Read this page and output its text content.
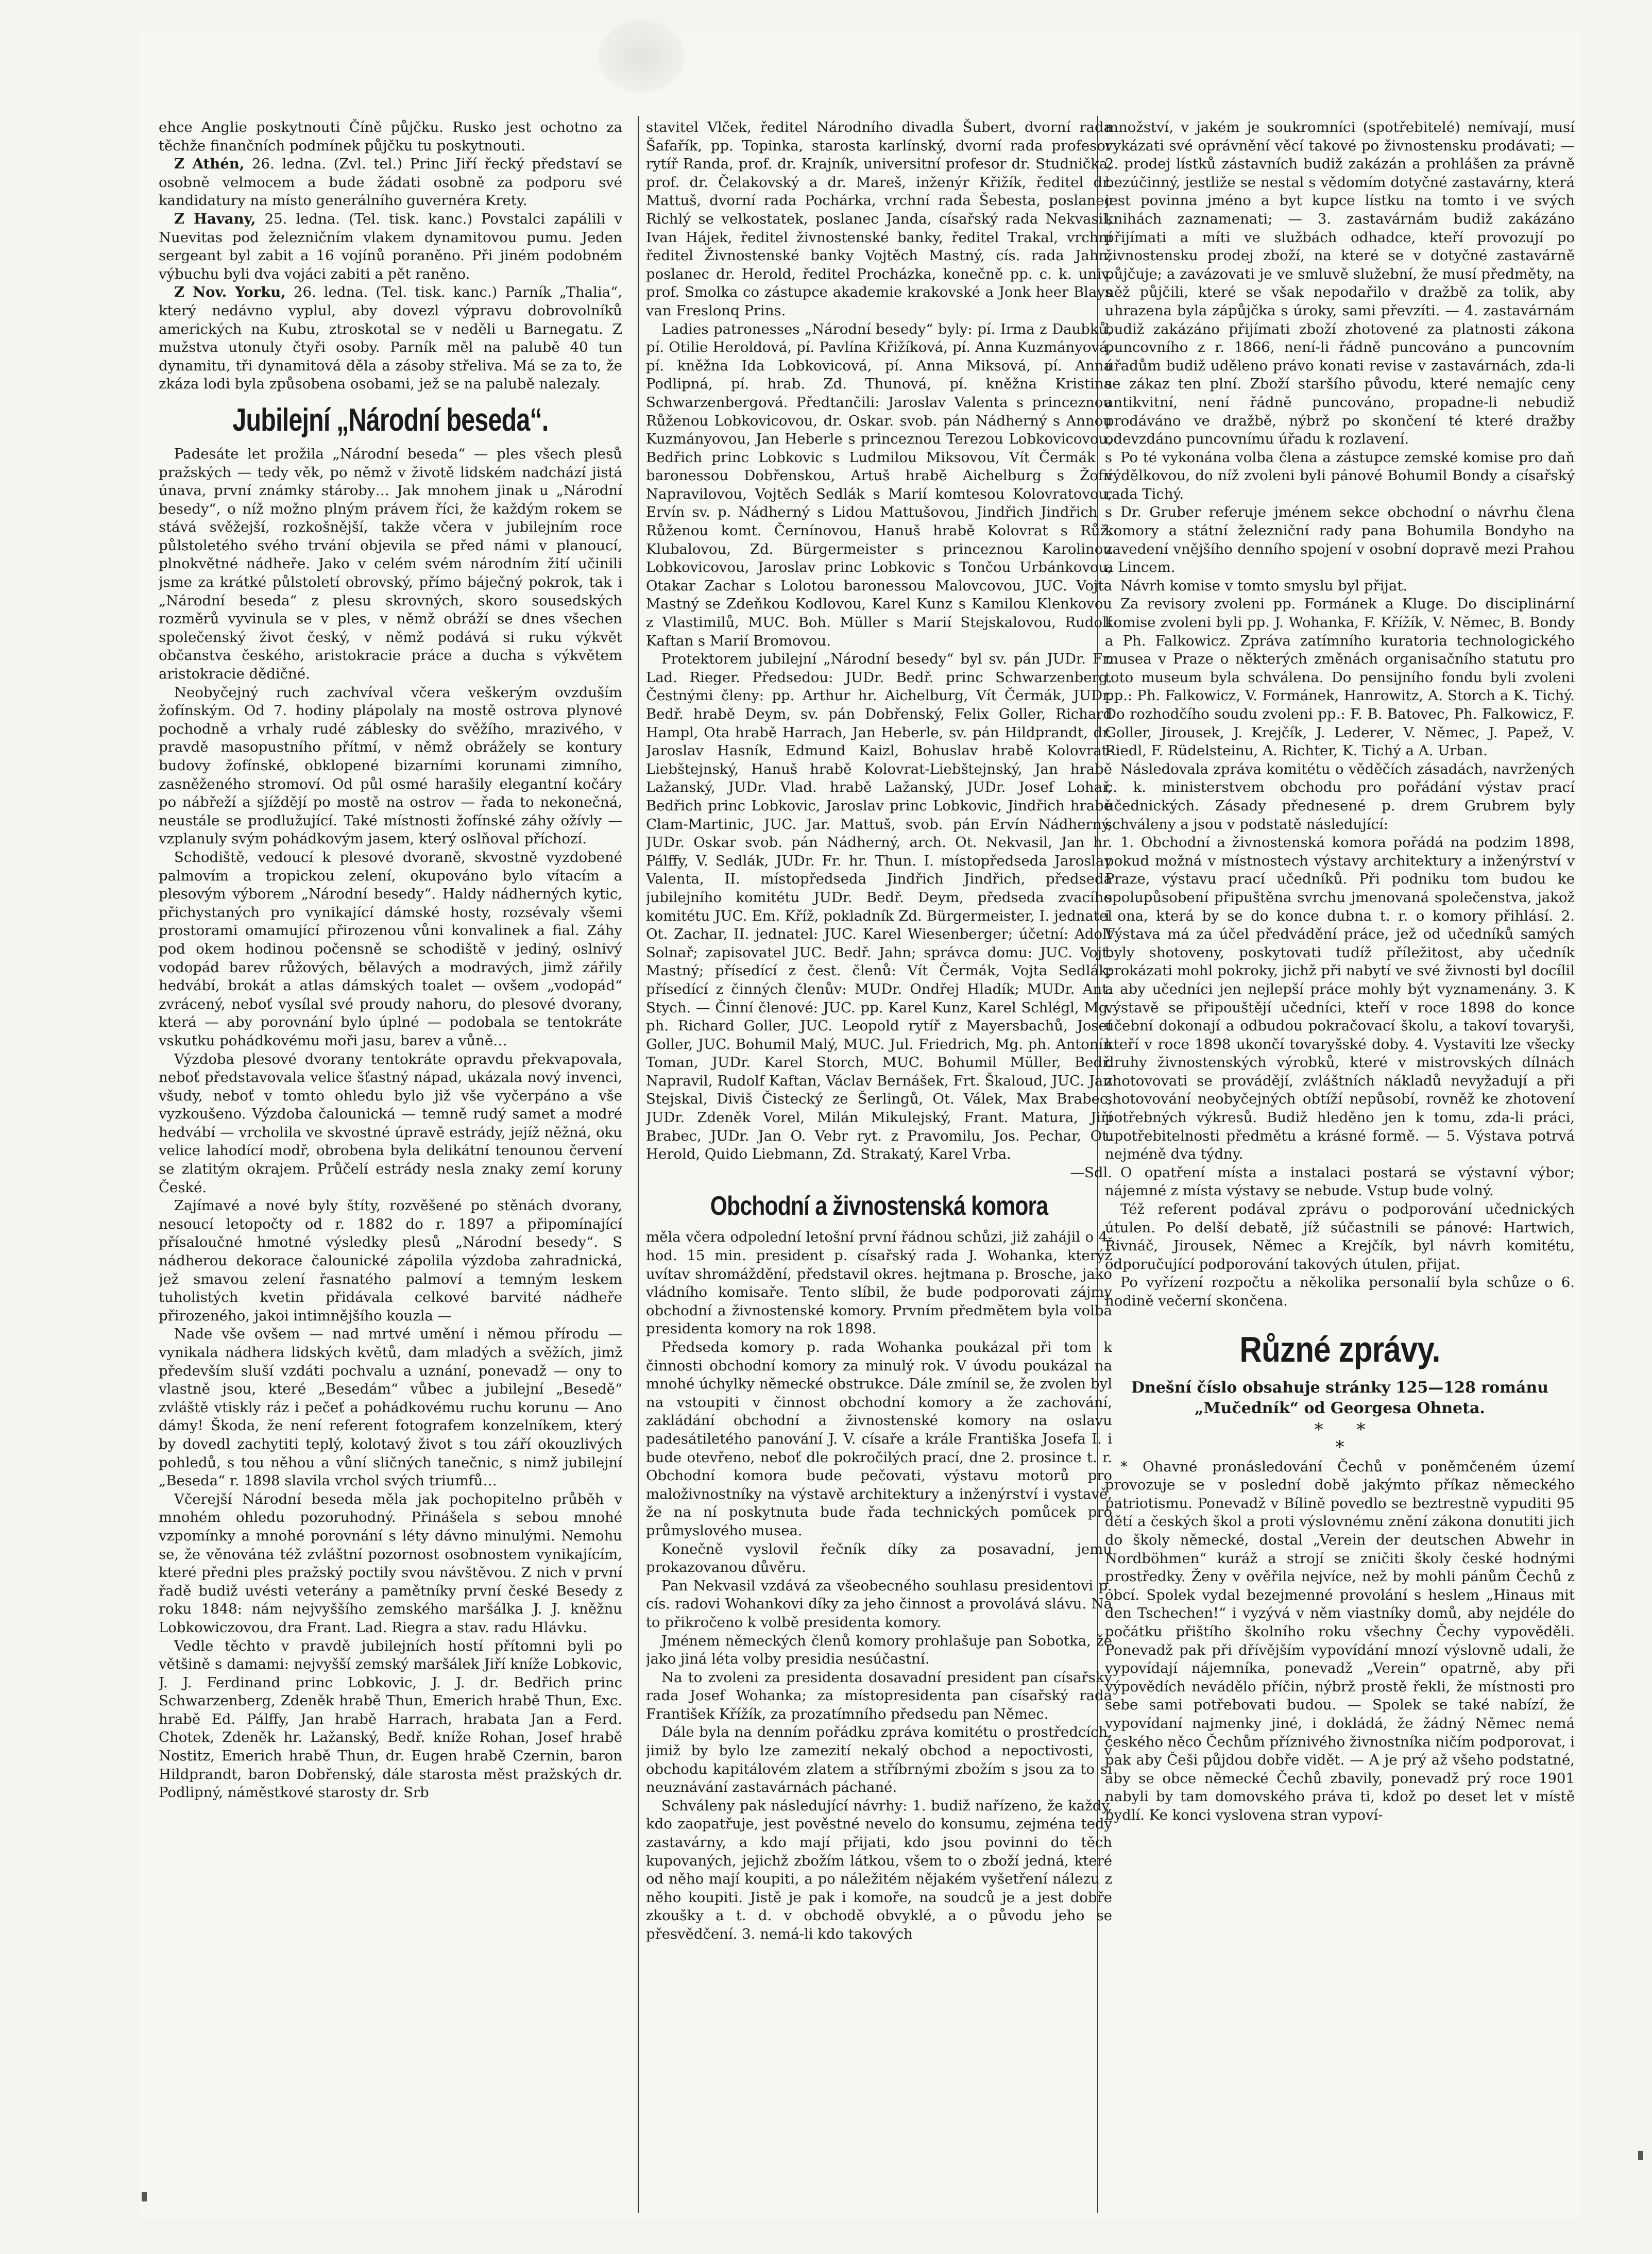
ehce Anglie poskytnouti Číně půjčku. Rusko jest ochotno za těchže finančních podmínek půjčku tu poskytnouti.

Z Athén, 26. ledna. (Zvl. tel.) Princ Jiří řecký představí se osobně velmocem a bude žádati osobně za podporu své kandidatury na místo generálního guvernéra Krety.

Z Havany, 25. ledna. (Tel. tisk. kanc.) Povstalci zapálili v Nuevitas pod železničním vlakem dynamitovou pumu. Jeden sergeant byl zabit a 16 vojínů poraněno. Při jiném podobném výbuchu byli dva vojáci zabiti a pět raněno.

Z Nov. Yorku, 26. ledna. (Tel. tisk. kanc.) Parník „Thalia“, který nedávno vyplul, aby dovezl výpravu dobrovolníků amerických na Kubu, ztroskotal se v neděli u Barnegatu. Z mužstva utonuly čtyři osoby. Parník měl na palubě 40 tun dynamitu, tři dynamitová děla a zásoby střeliva. Má se za to, že zkáza lodi byla způsobena osobami, jež se na palubě nalezaly.

Jubilejní „Národní beseda“.

Padesáte let prožila „Národní beseda“ — ples všech plesů pražských — tedy věk, po němž v životě lidském nadchází jistá únava, první známky stároby… Jak mnohem jinak u „Národní besedy“, o níž možno plným právem říci, že každým rokem se stává svěžejší, rozkošnější, takže včera v jubilejním roce půlstoletého svého trvání objevila se před námi v planoucí, plnokvětné nádheře. Jako v celém svém národním žití učinili jsme za krátké půlstoletí obrovský, přímo báječný pokrok, tak i „Národní beseda“ z plesu skrovných, skoro sousedských rozměrů vyvinula se v ples, v němž obráží se dnes všechen společenský život český, v němž podává si ruku výkvět občanstva českého, aristokracie práce a ducha s výkvětem aristokracie dědičné.

Neobyčejný ruch zachvíval včera veškerým ovzduším žofínským. Od 7. hodiny plápolaly na mostě ostrova plynové pochodně a vrhaly rudé záblesky do svěžího, mrazivého, v pravdě masopustního přítmí, v němž obrážely se kontury budovy žofínské, obklopené bizarními korunami zimního, zasněženého stromoví. Od půl osmé harašily elegantní kočáry po nábřeží a sjíždějí po mostě na ostrov — řada to nekonečná, neustále se prodlužující. Také místnosti žofínské záhy ožívly — vzplanuly svým pohádkovým jasem, který oslňoval příchozí.

Schodiště, vedoucí k plesové dvoraně, skvostně vyzdobené palmovím a tropickou zelení, okupováno bylo vítacím a plesovým výborem „Národní besedy“. Haldy nádherných kytic, přichystaných pro vynikající dámské hosty, rozsévaly všemi prostorami omamující přirozenou vůni konvalinek a fial. Záhy pod okem hodinou počensně se schodiště v jediný, oslnivý vodopád barev růžových, bělavých a modravých, jimž zářily hedvábí, brokát a atlas dámských toalet — ovšem „vodopád“ zvrácený, neboť vysílal své proudy nahoru, do plesové dvorany, která — aby porovnání bylo úplné — podobala se tentokráte vskutku pohádkovému moři jasu, barev a vůně…

Výzdoba plesové dvorany tentokráte opravdu překvapovala, neboť představovala velice šťastný nápad, ukázala nový invenci, všudy, neboť v tomto ohledu bylo již vše vyčerpáno a vše vyzkoušeno. Výzdoba čalounická — temně rudý samet a modré hedvábí — vrcholila ve skvostné úpravě estrády, jejíž něžná, oku velice lahodící modř, obrobena byla delikátní tenounou červení se zlatitým okrajem. Průčelí estrády nesla znaky zemí koruny České.

Zajímavé a nové byly štíty, rozvěšené po stěnách dvorany, nesoucí letopočty od r. 1882 do r. 1897 a připomínající přísaloučné hmotné výsledky plesů „Národní besedy“. S nádherou dekorace čalounické zápolila výzdoba zahradnická, jež smavou zelení řasnatého palmoví a temným leskem tuholistých kvetin přidávala celkové barvité nádheře přirozeného, jakoi intimnějšího kouzla —

Nade vše ovšem — nad mrtvé umění i němou přírodu — vynikala nádhera lidských květů, dam mladých a svěžích, jimž především sluší vzdáti pochvalu a uznání, ponevadž — ony to vlastně jsou, které „Besedám“ vůbec a jubilejní „Besedě“ zvláště vtiskly ráz i pečeť a pohádkovému ruchu korunu — Ano dámy! Škoda, že není referent fotografem konzelníkem, který by dovedl zachytiti teplý, kolotavý život s tou září okouzlivých pohledů, s tou něhou a vůní sličných tanečnic, s nimž jubilejní „Beseda“ r. 1898 slavila vrchol svých triumfů…

Včerejší Národní beseda měla jak pochopitelno průběh v mnohém ohledu pozoruhodný. Přinášela s sebou mnohé vzpomínky a mnohé porovnání s léty dávno minulými. Nemohu se, že věnována též zvláštní pozornost osobnostem vynikajícím, které předni ples pražský poctily svou návštěvou. Z nich v první řadě budiž uvésti veterány a pamětníky první české Besedy z roku 1848: nám nejvyššího zemského maršálka J. J. kněžnu Lobkowiczovou, dra Frant. Lad. Riegra a stav. radu Hlávku.

Vedle těchto v pravdě jubilejních hostí přítomni byli po většině s damami: nejvyšší zemský maršálek Jiří kníže Lobkovic, J. J. Ferdinand princ Lobkovic, J. J. dr. Bedřich princ Schwarzenberg, Zdeněk hrabě Thun, Emerich hrabě Thun, Exc. hrabě Ed. Pálffy, Jan hrabě Harrach, hrabata Jan a Ferd. Chotek, Zdeněk hr. Lažanský, Bedř. kníže Rohan, Josef hrabě Nostitz, Emerich hrabě Thun, dr. Eugen hrabě Czernin, baron Hildprandt, baron Dobřenský, dále starosta měst pražských dr. Podlipný, náměstkové starosty dr. Srb

stavitel Vlček, ředitel Národního divadla Šubert, dvorní rada Šafařík, pp. Topinka, starosta karlínský, dvorní rada profesor rytíř Randa, prof. dr. Krajník, universitní profesor dr. Studnička, prof. dr. Čelakovský a dr. Mareš, inženýr Křižík, ředitel dr. Mattuš, dvorní rada Pochárka, vrchní rada Šebesta, poslanec Richlý se velkostatek, poslanec Janda, císařský rada Nekvasil, Ivan Hájek, ředitel živnostenské banky, ředitel Trakal, vrchní ředitel Živnostenské banky Vojtěch Mastný, cís. rada Jahn, poslanec dr. Herold, ředitel Procházka, konečně pp. c. k. univ. prof. Smolka co zástupce akademie krakovské a Jonk heer Blays van Freslonq Prins.

Ladies patronesses „Národní besedy“ byly: pí. Irma z Daubků, pí. Otilie Heroldová, pí. Pavlína Křižíková, pí. Anna Kuzmányová, pí. kněžna Ida Lobkovicová, pí. Anna Miksová, pí. Anna Podlipná, pí. hrab. Zd. Thunová, pí. kněžna Kristina Schwarzenbergová. Předtančili: Jaroslav Valenta s princeznou Růženou Lobkovicovou, dr. Oskar. svob. pán Nádherný s Annou Kuzmányovou, Jan Heberle s princeznou Terezou Lobkovicovou, Bedřich princ Lobkovic s Ludmilou Miksovou, Vít Čermák s baronessou Dobřenskou, Artuš hrabě Aichelburg s Žofií Napravilovou, Vojtěch Sedlák s Marií komtesou Kolovratovou, Ervín sv. p. Nádherný s Lidou Mattušovou, Jindřich Jindřich s Růženou komt. Černínovou, Hanuš hrabě Kolovrat s Růž. Klubalovou, Zd. Bürgermeister s princeznou Karolinou Lobkovicovou, Jaroslav princ Lobkovic s Tončou Urbánkovou, Otakar Zachar s Lolotou baronessou Malovcovou, JUC. Vojta Mastný se Zdeňkou Kodlovou, Karel Kunz s Kamilou Klenkovou z Vlastimilů, MUC. Boh. Müller s Marií Stejskalovou, Rudolf Kaftan s Marií Bromovou.

Protektorem jubilejní „Národní besedy“ byl sv. pán JUDr. Fr. Lad. Rieger. Předsedou: JUDr. Bedř. princ Schwarzenberg. Čestnými členy: pp. Arthur hr. Aichelburg, Vít Čermák, JUDr. Bedř. hrabě Deym, sv. pán Dobřenský, Felix Goller, Richard Hampl, Ota hrabě Harrach, Jan Heberle, sv. pán Hildprandt, dr. Jaroslav Hasník, Edmund Kaizl, Bohuslav hrabě Kolovrat-Liebštejnský, Hanuš hrabě Kolovrat-Liebštejnský, Jan hrabě Lažanský, JUDr. Vlad. hrabě Lažanský, JUDr. Josef Lohař, Bedřich princ Lobkovic, Jaroslav princ Lobkovic, Jindřich hrabě Clam-Martinic, JUC. Jar. Mattuš, svob. pán Ervín Nádherný, JUDr. Oskar svob. pán Nádherný, arch. Ot. Nekvasil, Jan hr. Pálffy, V. Sedlák, JUDr. Fr. hr. Thun. I. místopředseda Jaroslav Valenta, II. místopředseda Jindřich Jindřich, předseda jubilejního komitétu JUDr. Bedř. Deym, předseda zvacího komitétu JUC. Em. Kříž, pokladník Zd. Bürgermeister, I. jednatel Ot. Zachar, II. jednatel: JUC. Karel Wiesenberger; účetní: Adolf Solnař; zapisovatel JUC. Bedř. Jahn; správca domu: JUC. Vojt. Mastný; přísedící z čest. členů: Vít Čermák, Vojta Sedlák; přísedící z činných členův: MUDr. Ondřej Hladík; MUDr. Ant. Stych. — Činní členové: JUC. pp. Karel Kunz, Karel Schlégl, Mg. ph. Richard Goller, JUC. Leopold rytíř z Mayersbachů, Josef Goller, JUC. Bohumil Malý, MUC. Jul. Friedrich, Mg. ph. Antonín Toman, JUDr. Karel Storch, MUC. Bohumil Müller, Bedř. Napravil, Rudolf Kaftan, Václav Bernášek, Frt. Škaloud, JUC. Jan Stejskal, Diviš Čistecký ze Šerlingů, Ot. Válek, Max Brabec, JUDr. Zdeněk Vorel, Milán Mikulejský, Frant. Matura, Jiří Brabec, JUDr. Jan O. Vebr ryt. z Pravomilu, Jos. Pechar, Ot. Herold, Quido Liebmann, Zd. Strakatý, Karel Vrba.

—Sdl.

Obchodní a živnostenská komora

měla včera odpolední letošní první řádnou schůzi, již zahájil o 4. hod. 15 min. president p. císařský rada J. Wohanka, kterýž uvítav shromáždění, představil okres. hejtmana p. Brosche, jako vládního komisaře. Tento slíbil, že bude podporovati zájmy obchodní a živnostenské komory. Prvním předmětem byla volba presidenta komory na rok 1898.

Předseda komory p. rada Wohanka poukázal při tom k činnosti obchodní komory za minulý rok. V úvodu poukázal na mnohé úchylky německé obstrukce. Dále zmínil se, že zvolen byl na vstoupiti v činnost obchodní komory a že zachování, zakládání obchodní a živnostenské komory na oslavu padesátiletého panování J. V. císaře a krále Františka Josefa I. i bude otevřeno, neboť dle pokročilých prací, dne 2. prosince t. r. Obchodní komora bude pečovati, výstavu motorů pro maloživnostníky na výstavě architektury a inženýrství i vystavě, že na ní poskytnuta bude řada technických pomůcek pro průmyslového musea.

Konečně vyslovil řečník díky za posavadní, jemu prokazovanou důvěru.

Pan Nekvasil vzdává za všeobecného souhlasu presidentovi p. cís. radovi Wohankovi díky za jeho činnost a provolává slávu. Na to přikročeno k volbě presidenta komory.

Jménem německých členů komory prohlašuje pan Sobotka, že jako jiná léta volby presidia nesúčastní.

Na to zvoleni za presidenta dosavadní president pan císařský rada Josef Wohanka; za místopresidenta pan císařský rada František Křížík, za prozatímního předsedu pan Němec.

Dále byla na denním pořádku zpráva komitétu o prostředcích, jimiž by bylo lze zamezití nekalý obchod a nepoctivosti, v obchodu kapitálovém zlatem a stříbrnými zbožím s jsou za to si neuznávání zastavárnách páchané.

Schváleny pak následující návrhy: 1. budiž nařízeno, že každý, kdo zaopatřuje, jest pověstné nevelo do konsumu, zejména tedy zastavárny, a kdo mají přijati, kdo jsou povinni do těch kupovaných, jejichž zbožím látkou, všem to o zboží jedná, které od něho mají koupiti, a po náležitém nějakém vyšetření nálezu z něho koupiti. Jistě je pak i komoře, na soudců je a jest dobře zkoušky a t. d. v obchodě obvyklé, a o původu jeho se přesvědčení. 3. nemá-li kdo takových

množství, v jakém je soukromníci (spotřebitelé) nemívají, musí vykázati své oprávnění věcí takové po živnostensku prodávati; — 2. prodej lístků zástavních budiž zakázán a prohlášen za právně bezúčinný, jestliže se nestal s vědomím dotyčné zastavárny, která jest povinna jméno a byt kupce lístku na tomto i ve svých knihách zaznamenati; — 3. zastavárnám budiž zakázáno přijímati a míti ve službách odhadce, kteří provozují po živnostensku prodej zboží, na které se v dotyčné zastavárně půjčuje; a zavázovati je ve smluvě služební, že musí předměty, na něž půjčili, které se však nepodařilo v dražbě za tolik, aby uhrazena byla zápůjčka s úroky, sami převzíti. — 4. zastavárnám budiž zakázáno přijímati zboží zhotovené za platnosti zákona puncovního z r. 1866, není-li řádně puncováno a puncovním úřadům budiž uděleno právo konati revise v zastavárnách, zda-li se zákaz ten plní. Zboží staršího původu, které nemajíc ceny antikvitní, není řádně puncováno, propadne-li nebudiž prodáváno ve dražbě, nýbrž po skončení té které dražby odevzdáno puncovnímu úřadu k rozlavení.

Po té vykonána volba člena a zástupce zemské komise pro daň výdělkovou, do níž zvoleni byli pánové Bohumil Bondy a císařský rada Tichý.

Dr. Gruber referuje jménem sekce obchodní o návrhu člena komory a státní železniční rady pana Bohumila Bondyho na zavedení vnějšího denního spojení v osobní dopravě mezi Prahou a Lincem.

Návrh komise v tomto smyslu byl přijat.

Za revisory zvoleni pp. Formánek a Kluge. Do disciplinární komise zvoleni byli pp. J. Wohanka, F. Křížík, V. Němec, B. Bondy a Ph. Falkowicz. Zpráva zatímního kuratoria technologického musea v Praze o některých změnách organisačního statutu pro toto museum byla schválena. Do pensijního fondu byli zvoleni pp.: Ph. Falkowicz, V. Formánek, Hanrowitz, A. Storch a K. Tichý. Do rozhodčího soudu zvoleni pp.: F. B. Batovec, Ph. Falkowicz, F. Goller, Jirousek, J. Krejčík, J. Lederer, V. Němec, J. Papež, V. Riedl, F. Rüdelsteinu, A. Richter, K. Tichý a A. Urban.

Následovala zpráva komitétu o věděčích zásadách, navržených c. k. ministerstvem obchodu pro pořádání výstav prací učednických. Zásady přednesené p. drem Grubrem byly schváleny a jsou v podstatě následující:

1. Obchodní a živnostenská komora pořádá na podzim 1898, pokud možná v místnostech výstavy architektury a inženýrství v Praze, výstavu prací učedníků. Při podniku tom budou ke spolupůsobení připuštěna svrchu jmenovaná společenstva, jakož i ona, která by se do konce dubna t. r. o komory přihlásí. 2. Výstava má za účel předvádění práce, jež od učedníků samých byly shotoveny, poskytovati tudíž příležitost, aby učedník prokázati mohl pokroky, jichž při nabytí ve své živnosti byl docílil a aby učedníci jen nejlepší práce mohly být vyznamenány. 3. K výstavě se připouštějí učedníci, kteří v roce 1898 do konce učební dokonají a odbudou pokračovací školu, a takoví tovaryši, kteří v roce 1898 ukončí tovaryšské doby. 4. Vystaviti lze všecky druhy živnostenských výrobků, které v mistrovských dílnách zhotovovati se provádějí, zvláštních nákladů nevyžadují a při shotovování neobyčejných obtíží nepůsobí, rovněž ke zhotovení potřebných výkresů. Budiž hleděno jen k tomu, zda-li práci, upotřebitelnosti předmětu a krásné formě. — 5. Výstava potrvá nejméně dva týdny.

O opatření místa a instalaci postará se výstavní výbor; nájemné z místa výstavy se nebude. Vstup bude volný.

Též referent podával zprávu o podporování učednických útulen. Po delší debatě, jíž súčastnili se pánové: Hartwich, Řivnáč, Jirousek, Němec a Krejčík, byl návrh komitétu, odporučující podporování takových útulen, přijat.

Po vyřízení rozpočtu a několika personalií byla schůze o 6. hodině večerní skončena.

Různé zprávy.

Dnešní číslo obsahuje stránky 125—128 románu „Mučedník“ od Georgesa Ohneta.

*      *
*

* Ohavné pronásledování Čechů v poněmčeném území provozuje se v poslední době jakýmto příkaz německého patriotismu. Ponevadž v Bílině povedlo se beztrestně vypuditi 95 dětí a českých škol a proti výslovnému znění zákona donutiti jich do školy německé, dostal „Verein der deutschen Abwehr in Nordböhmen“ kuráž a strojí se zničiti školy české hodnými prostředky. Ženy v ověřila nejvíce, než by mohli pánům Čechů z obcí. Spolek vydal bezejmenné provolání s heslem „Hinaus mit den Tschechen!“ i vyzývá v něm viastníky domů, aby nejdéle do počátku přištího školního roku všechny Čechy vypověděli. Ponevadž pak při dřívějším vypovídání mnozí výslovně udali, že vypovídají nájemníka, ponevadž „Verein“ opatrně, aby při výpovědích nevádělo příčin, nýbrž prostě řekli, že místnosti pro sebe sami potřebovati budou. — Spolek se také nabízí, že vypovídaní najmenky jiné, i dokládá, že žádný Němec nemá českého něco Čechům příznivého živnostníka ničím podporovat, i pak aby Češi půjdou dobře vidět. — A je prý až všeho podstatné, aby se obce německé Čechů zbavily, ponevadž prý roce 1901 nabyli by tam domovského práva ti, kdož po deset let v místě bydlí. Ke konci vyslovena stran vypoví-
